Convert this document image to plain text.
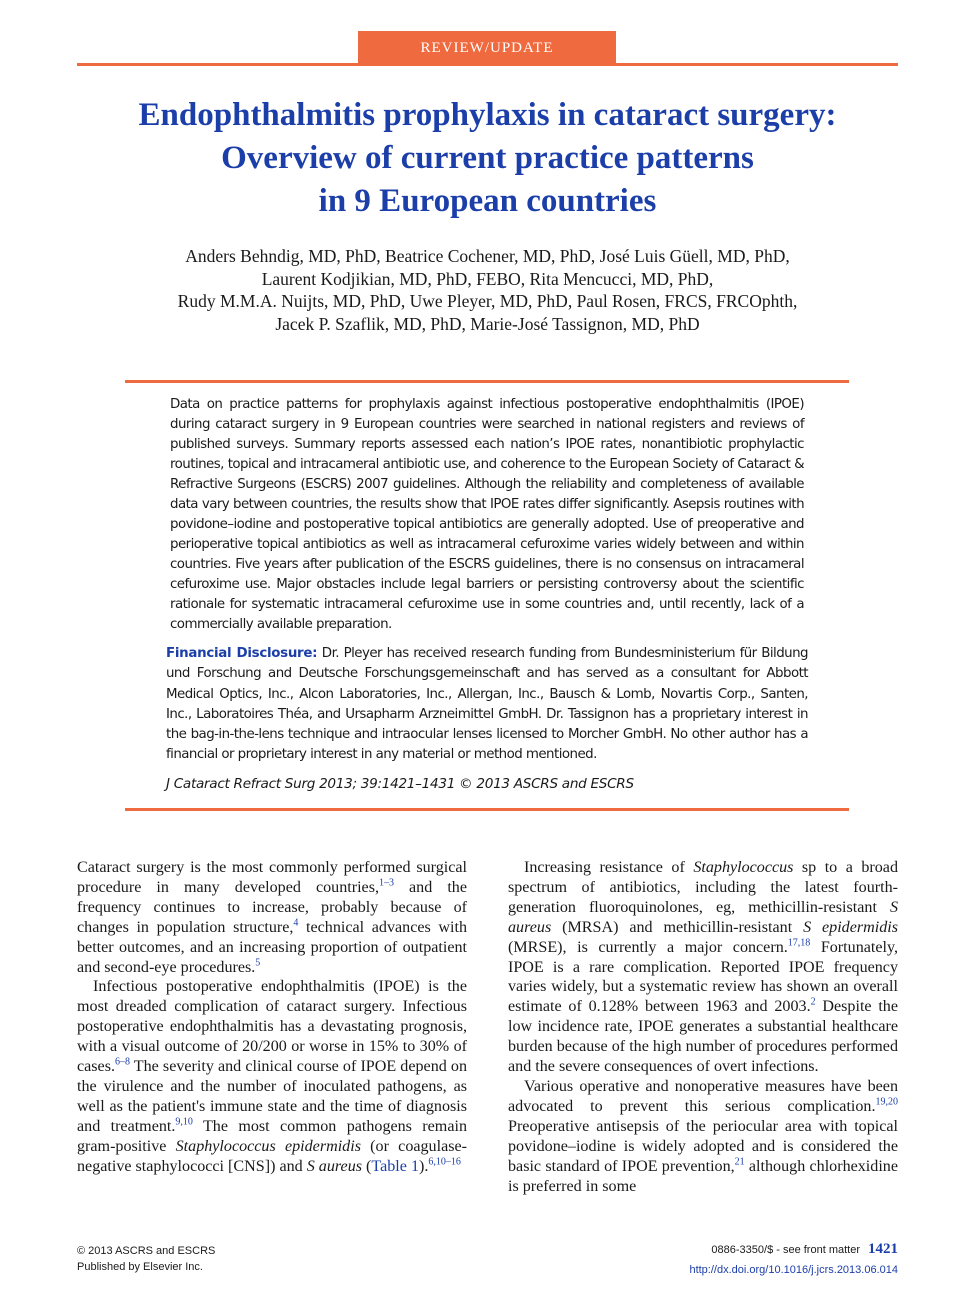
REVIEW/UPDATE
Endophthalmitis prophylaxis in cataract surgery:
Overview of current practice patterns
in 9 European countries
Anders Behndig, MD, PhD, Beatrice Cochener, MD, PhD, José Luis Güell, MD, PhD,
Laurent Kodjikian, MD, PhD, FEBO, Rita Mencucci, MD, PhD,
Rudy M.M.A. Nuijts, MD, PhD, Uwe Pleyer, MD, PhD, Paul Rosen, FRCS, FRCOphth,
Jacek P. Szaflik, MD, PhD, Marie-José Tassignon, MD, PhD
Data on practice patterns for prophylaxis against infectious postoperative endophthalmitis (IPOE) during cataract surgery in 9 European countries were searched in national registers and reviews of published surveys. Summary reports assessed each nation’s IPOE rates, nonantibiotic prophylactic routines, topical and intracameral antibiotic use, and coherence to the European Society of Cataract & Refractive Surgeons (ESCRS) 2007 guidelines. Although the reliability and completeness of available data vary between countries, the results show that IPOE rates differ significantly. Asepsis routines with povidone–iodine and postoperative topical antibiotics are generally adopted. Use of preoperative and perioperative topical antibiotics as well as intracameral cefuroxime varies widely between and within countries. Five years after publication of the ESCRS guidelines, there is no consensus on intracameral cefuroxime use. Major obstacles include legal barriers or persisting controversy about the scientific rationale for systematic intracameral cefuroxime use in some countries and, until recently, lack of a commercially available preparation.
Financial Disclosure: Dr. Pleyer has received research funding from Bundesministerium für Bildung und Forschung and Deutsche Forschungsgemeinschaft and has served as a consultant for Abbott Medical Optics, Inc., Alcon Laboratories, Inc., Allergan, Inc., Bausch & Lomb, Novartis Corp., Santen, Inc., Laboratoires Théa, and Ursapharm Arzneimittel GmbH. Dr. Tassignon has a proprietary interest in the bag-in-the-lens technique and intraocular lenses licensed to Morcher GmbH. No other author has a financial or proprietary interest in any material or method mentioned.
J Cataract Refract Surg 2013; 39:1421–1431 © 2013 ASCRS and ESCRS

Cataract surgery is the most commonly performed surgical procedure in many developed countries,$^{1-3}$ and the frequency continues to increase, probably because of changes in population structure,$^4$ technical advances with better outcomes, and an increasing proportion of outpatient and second-eye procedures.$^5$

Infectious postoperative endophthalmitis (IPOE) is the most dreaded complication of cataract surgery. Infectious postoperative endophthalmitis has a devastating prognosis, with a visual outcome of 20/200 or worse in 15% to 30% of cases.$^{6-8}$ The severity and clinical course of IPOE depend on the virulence and the number of inoculated pathogens, as well as the patient's immune state and the time of diagnosis and treatment.$^{9,10}$ The most common pathogens remain gram-positive Staphylococcus epidermidis (or coagulase-negative staphylococci [CNS]) and S aureus (Table 1).$^{6,10-16}$

Increasing resistance of Staphylococcus sp to a broad spectrum of antibiotics, including the latest fourth-generation fluoroquinolones, eg, methicillin-resistant S aureus (MRSA) and methicillin-resistant S epidermidis (MRSE), is currently a major concern.$^{17,18}$ Fortunately, IPOE is a rare complication. Reported IPOE frequency varies widely, but a systematic review has shown an overall estimate of 0.128% between 1963 and 2003.$^2$ Despite the low incidence rate, IPOE generates a substantial healthcare burden because of the high number of procedures performed and the severe consequences of overt infections.

Various operative and nonoperative measures have been advocated to prevent this serious complication.$^{19,20}$ Preoperative antisepsis of the periocular area with topical povidone–iodine is widely adopted and is considered the basic standard of IPOE prevention,$^{21}$ although chlorhexidine is preferred in some

© 2013 ASCRS and ESCRS
Published by Elsevier Inc.
0886-3350/$ - see front matter 1421
http://dx.doi.org/10.1016/j.jcrs.2013.06.014
